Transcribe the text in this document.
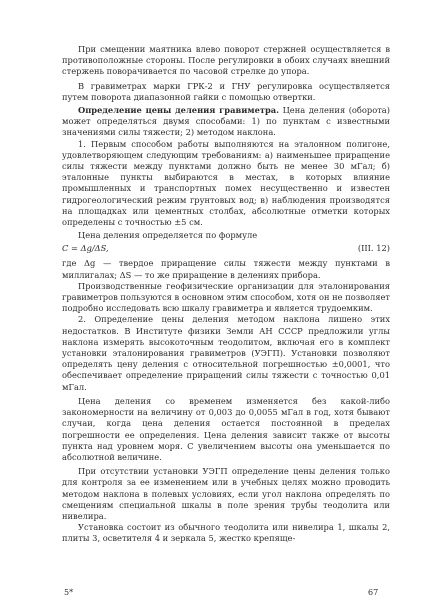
При смещении маятника влево поворот стержней осуществляется в противоположные стороны. После регулировки в обоих случаях внешний стержень поворачивается по часовой стрелке до упора.

В гравиметрах марки ГРК-2 и ГНУ регулировка осуществляется путем поворота диапазонной гайки с помощью отвертки.

Определение цены деления гравиметра. Цена деления (оборота) может определяться двумя способами: 1) по пунктам с известными значениями силы тяжести; 2) методом наклона.

1. Первым способом работы выполняются на эталонном полигоне, удовлетворяющем следующим требованиям: а) наименьшее приращение силы тяжести между пунктами должно быть не менее 30 мГал; б) эталонные пункты выбираются в местах, в которых влияние промышленных и транспортных помех несущественно и известен гидрогеологический режим грунтовых вод; в) наблюдения производятся на площадках или цементных столбах, абсолютные отметки которых определены с точностью ±5 см.

Цена деления определяется по формуле

C = Δg/ΔS,	(III. 12)

где Δg — твердое приращение силы тяжести между пунктами в миллигалах; ΔS — то же приращение в делениях прибора.

Производственные геофизические организации для эталонирования гравиметров пользуются в основном этим способом, хотя он не позволяет подробно исследовать всю шкалу гравиметра и является трудоемким.

2. Определение цены деления методом наклона лишено этих недостатков. В Институте физики Земли АН СССР предложили углы наклона измерять высокоточным теодолитом, включая его в комплект установки эталонирования гравиметров (УЭГП). Установки позволяют определять цену деления с относительной погрешностью ±0,0001, что обеспечивает определение приращений силы тяжести с точностью 0,01 мГал.

Цена деления со временем изменяется без какой-либо закономерности на величину от 0,003 до 0,0055 мГал в год, хотя бывают случаи, когда цена деления остается постоянной в пределах погрешности ее определения. Цена деления зависит также от высоты пункта над уровнем моря. С увеличением высоты она уменьшается по абсолютной величине.

При отсутствии установки УЭГП определение цены деления только для контроля за ее изменением или в учебных целях можно проводить методом наклона в полевых условиях, если угол наклона определять по смещениям специальной шкалы в поле зрения трубы теодолита или нивелира.

Установка состоит из обычного теодолита или нивелира 1, шкалы 2, плиты 3, осветителя 4 и зеркала 5, жестко крепяще-

5*	67
